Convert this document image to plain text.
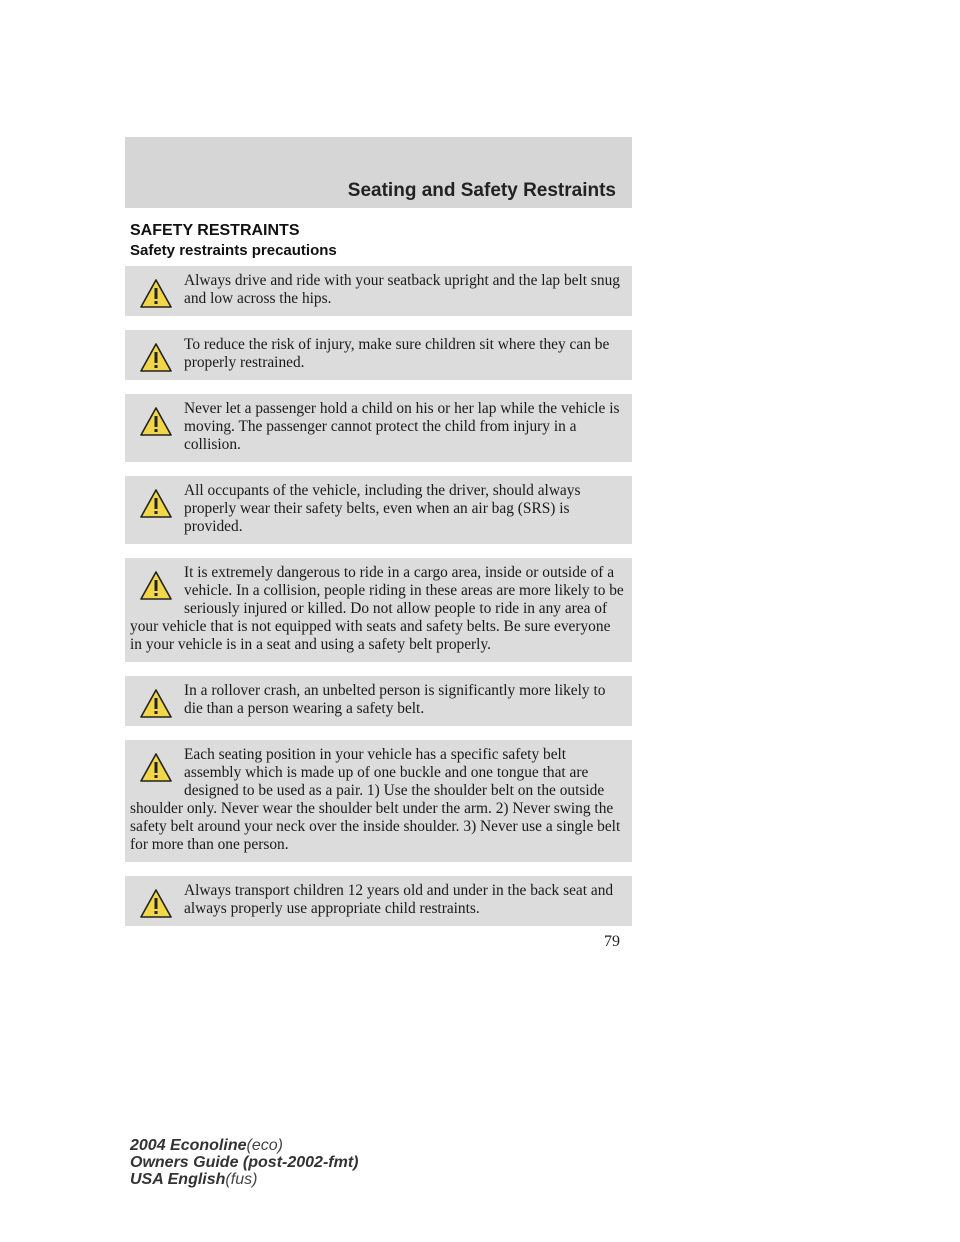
Seating and Safety Restraints
SAFETY RESTRAINTS
Safety restraints precautions
Always drive and ride with your seatback upright and the lap belt snug and low across the hips.
To reduce the risk of injury, make sure children sit where they can be properly restrained.
Never let a passenger hold a child on his or her lap while the vehicle is moving. The passenger cannot protect the child from injury in a collision.
All occupants of the vehicle, including the driver, should always properly wear their safety belts, even when an air bag (SRS) is provided.
It is extremely dangerous to ride in a cargo area, inside or outside of a vehicle. In a collision, people riding in these areas are more likely to be seriously injured or killed. Do not allow people to ride in any area of your vehicle that is not equipped with seats and safety belts. Be sure everyone in your vehicle is in a seat and using a safety belt properly.
In a rollover crash, an unbelted person is significantly more likely to die than a person wearing a safety belt.
Each seating position in your vehicle has a specific safety belt assembly which is made up of one buckle and one tongue that are designed to be used as a pair. 1) Use the shoulder belt on the outside shoulder only. Never wear the shoulder belt under the arm. 2) Never swing the safety belt around your neck over the inside shoulder. 3) Never use a single belt for more than one person.
Always transport children 12 years old and under in the back seat and always properly use appropriate child restraints.
79
2004 Econoline(eco)
Owners Guide (post-2002-fmt)
USA English(fus)
